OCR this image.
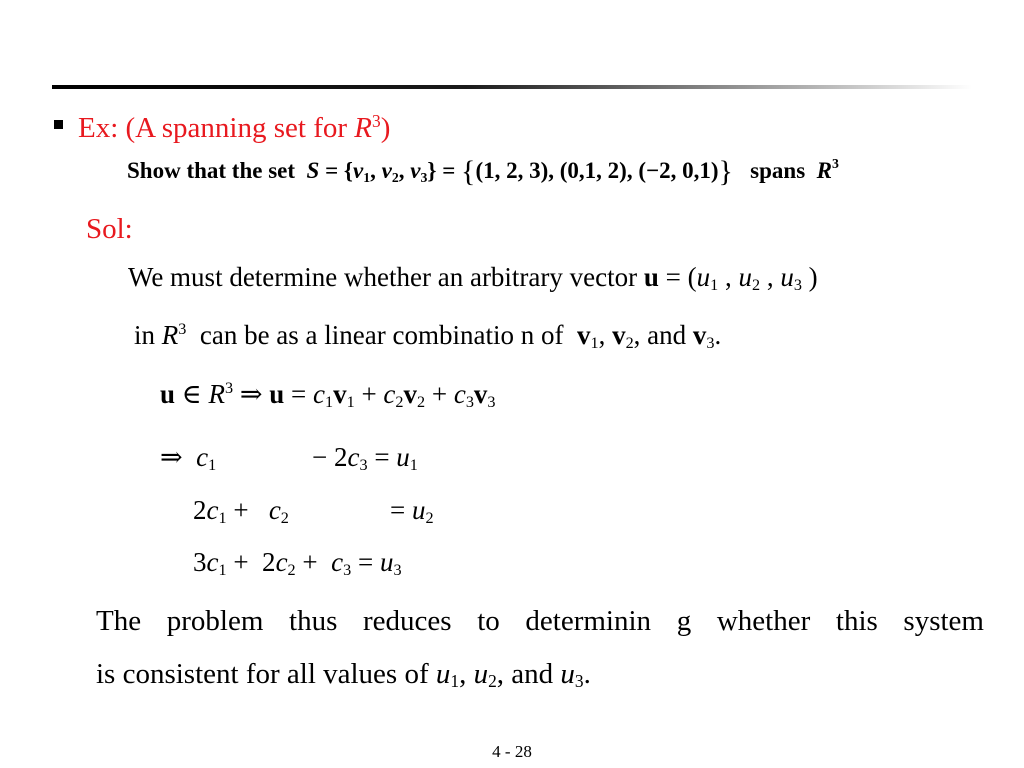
Ex: (A spanning set for $R^3$)
Show that the set $S = \{v_1$, $v_2$, $v_3\} = \{(1$, 2, 3), (0,1, 2), (−2, 0,1)} spans $R^3$
Sol:
We must determine whether an arbitrary vector $u = (u_1$ , $u_2$ , $u_3$ )
in $R^3$ can be as a linear combinatio n of $v_1$, $v_2$, and $v_3$.
u ∈ $R^3$ ⇒ $u = c_1v_1 + c_2v_2 + c_3v_3$
⇒  $c_1$	− $2c_3 = u_1$
$2c_1 + c_2$	= $u_2$
$3c_1 + 2c_2 + c_3 = u_3$
The problem thus reduces to determinin g whether this system
is consistent for all values of $u_1$, $u_2$, and $u_3$.
4 - 28
